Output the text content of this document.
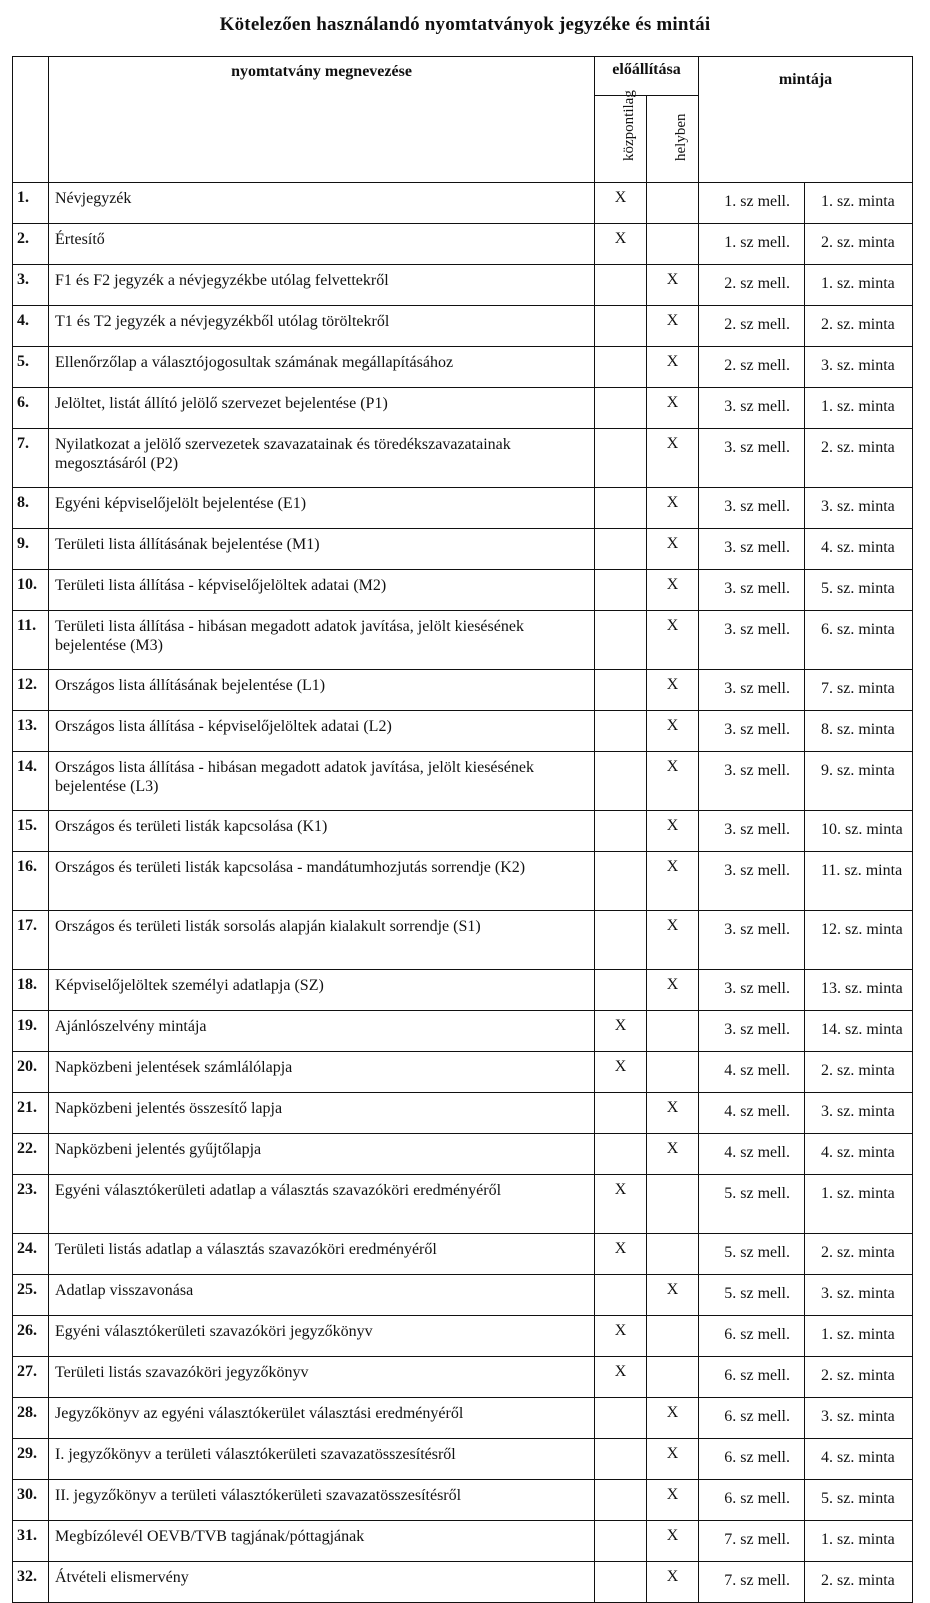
Kötelezően használandó nyomtatványok jegyzéke és mintái
	nyomtatvány megnevezése	előállítása		mintája	

		központilag	helyben		

1.	Névjegyzék	X		1. sz mell.	1. sz. minta
2.	Értesítő	X		1. sz mell.	2. sz. minta
3.	F1 és F2 jegyzék a névjegyzékbe utólag felvettekről		X	2. sz mell.	1. sz. minta
4.	T1 és T2 jegyzék a névjegyzékből utólag töröltekről		X	2. sz mell.	2. sz. minta
5.	Ellenőrzőlap a választójogosultak számának megállapításához		X	2. sz mell.	3. sz. minta
6.	Jelöltet, listát állító jelölő szervezet bejelentése (P1)		X	3. sz mell.	1. sz. minta
7.	Nyilatkozat a jelölő szervezetek szavazatainak és töredékszavazatainak megosztásáról (P2)		X	3. sz mell.	2. sz. minta
8.	Egyéni képviselőjelölt bejelentése (E1)		X	3. sz mell.	3. sz. minta
9.	Területi lista állításának bejelentése (M1)		X	3. sz mell.	4. sz. minta
10.	Területi lista állítása - képviselőjelöltek adatai (M2)		X	3. sz mell.	5. sz. minta
11.	Területi lista állítása - hibásan megadott adatok javítása, jelölt kiesésének bejelentése (M3)		X	3. sz mell.	6. sz. minta
12.	Országos lista állításának bejelentése (L1)		X	3. sz mell.	7. sz. minta
13.	Országos lista állítása - képviselőjelöltek adatai (L2)		X	3. sz mell.	8. sz. minta
14.	Országos lista állítása - hibásan megadott adatok javítása, jelölt kiesésének bejelentése (L3)		X	3. sz mell.	9. sz. minta
15.	Országos és területi listák kapcsolása (K1)		X	3. sz mell.	10. sz. minta
16.	Országos és területi listák kapcsolása - mandátumhozjutás sorrendje (K2)		X	3. sz mell.	11. sz. minta
17.	Országos és területi listák sorsolás alapján kialakult sorrendje (S1)		X	3. sz mell.	12. sz. minta
18.	Képviselőjelöltek személyi adatlapja (SZ)		X	3. sz mell.	13. sz. minta
19.	Ajánlószelvény mintája	X		3. sz mell.	14. sz. minta
20.	Napközbeni jelentések számlálólapja	X		4. sz mell.	2. sz. minta
21.	Napközbeni jelentés összesítő lapja		X	4. sz mell.	3. sz. minta
22.	Napközbeni jelentés gyűjtőlapja		X	4. sz mell.	4. sz. minta
23.	Egyéni választókerületi adatlap a választás szavazóköri eredményéről	X		5. sz mell.	1. sz. minta
24.	Területi listás adatlap a választás szavazóköri eredményéről	X		5. sz mell.	2. sz. minta
25.	Adatlap visszavonása		X	5. sz mell.	3. sz. minta
26.	Egyéni választókerületi szavazóköri jegyzőkönyv	X		6. sz mell.	1. sz. minta
27.	Területi listás szavazóköri jegyzőkönyv	X		6. sz mell.	2. sz. minta
28.	Jegyzőkönyv az egyéni választókerület választási eredményéről		X	6. sz mell.	3. sz. minta
29.	I. jegyzőkönyv a területi választókerületi szavazatösszesítésről		X	6. sz mell.	4. sz. minta
30.	II. jegyzőkönyv a területi választókerületi szavazatösszesítésről		X	6. sz mell.	5. sz. minta
31.	Megbízólevél OEVB/TVB tagjának/póttagjának		X	7. sz mell.	1. sz. minta
32.	Átvételi elismervény		X	7. sz mell.	2. sz. minta
